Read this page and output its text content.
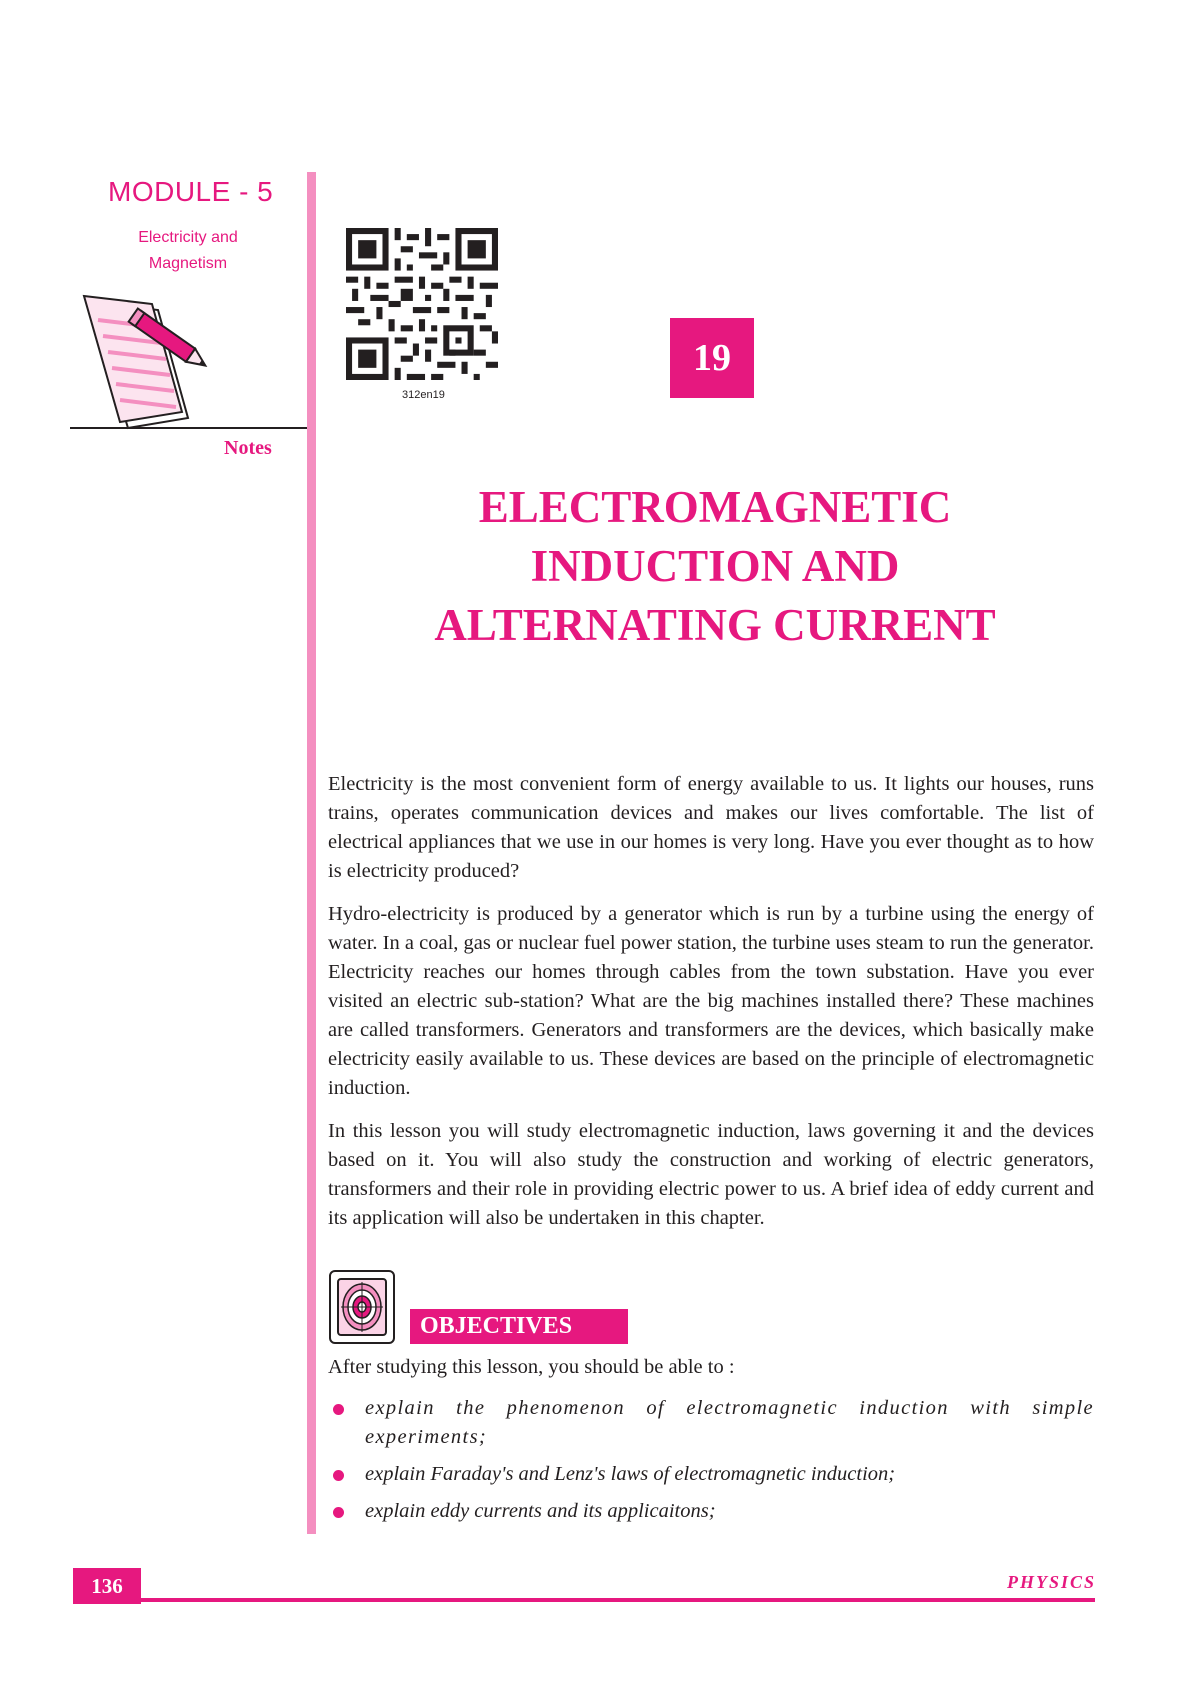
MODULE - 5
Electricity and
Magnetism
Notes
312en19
19
ELECTROMAGNETIC
INDUCTION AND
ALTERNATING CURRENT

Electricity is the most convenient form of energy available to us. It lights our houses, runs trains, operates communication devices and makes our lives comfortable. The list of electrical appliances that we use in our homes is very long. Have you ever thought as to how is electricity produced?

Hydro-electricity is produced by a generator which is run by a turbine using the energy of water. In a coal, gas or nuclear fuel power station, the turbine uses steam to run the generator. Electricity reaches our homes through cables from the town substation. Have you ever visited an electric sub-station? What are the big machines installed there? These machines are called transformers. Generators and transformers are the devices, which basically make electricity easily available to us. These devices are based on the principle of electromagnetic induction.

In this lesson you will study electromagnetic induction, laws governing it and the devices based on it. You will also study the construction and working of electric generators, transformers and their role in providing electric power to us. A brief idea of eddy current and its application will also be undertaken in this chapter.

OBJECTIVES
After studying this lesson, you should be able to :
explain the phenomenon of electromagnetic induction with simple experiments;
explain Faraday's and Lenz's laws of electromagnetic induction;
explain eddy currents and its applicaitons;
136	PHYSICS
